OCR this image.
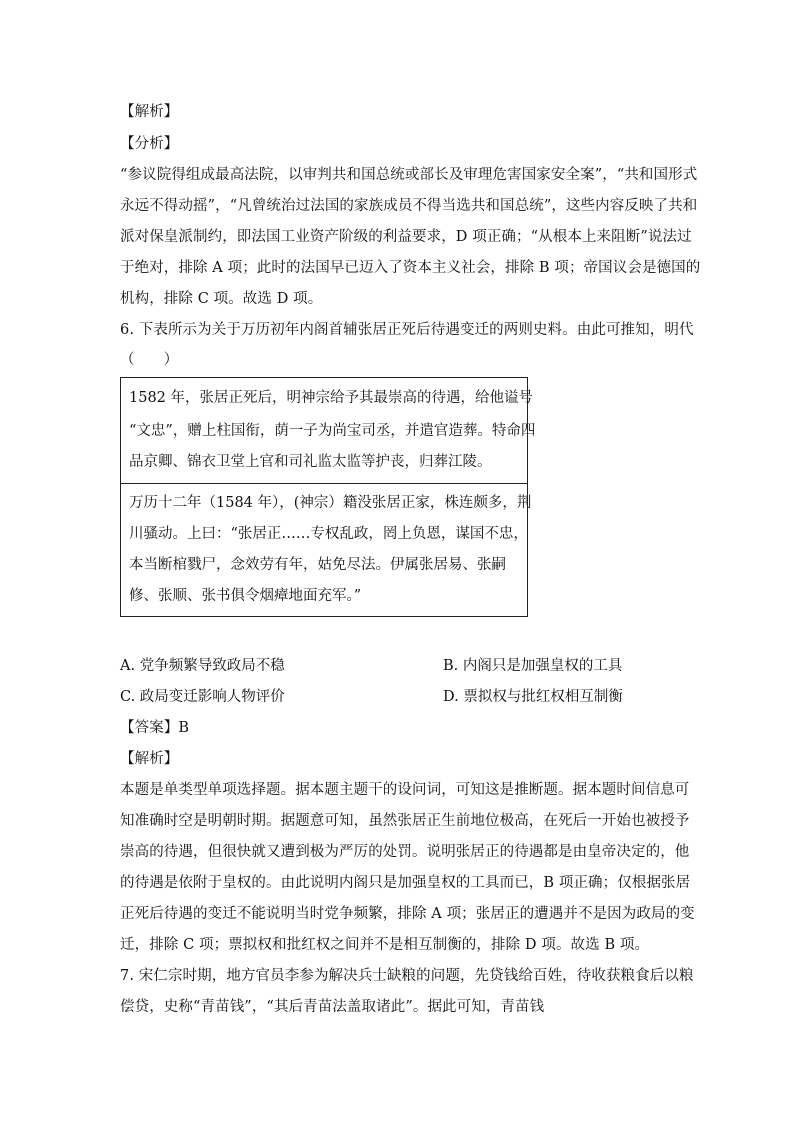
【解析】
【分析】
“参议院得组成最高法院，以审判共和国总统或部长及审理危害国家安全案”，“共和国形式
永远不得动摇”，“凡曾统治过法国的家族成员不得当选共和国总统”，这些内容反映了共和
派对保皇派制约，即法国工业资产阶级的利益要求，D 项正确；“从根本上来阻断”说法过
于绝对，排除 A 项；此时的法国早已迈入了资本主义社会，排除 B 项；帝国议会是德国的
机构，排除 C 项。故选 D 项。
6. 下表所示为关于万历初年内阁首辅张居正死后待遇变迁的两则史料。由此可推知，明代
（　　）
1582 年，张居正死后，明神宗给予其最崇高的待遇，给他谥号
“文忠”，赠上柱国衔，荫一子为尚宝司丞，并遣官造葬。特命四
品京卿、锦衣卫堂上官和司礼监太监等护丧，归葬江陵。
万历十二年（1584 年），(神宗）籍没张居正家，株连颇多，荆
川骚动。上曰：“张居正……专权乱政，罔上负恩，谋国不忠，
本当断棺戮尸，念效劳有年，姑免尽法。伊属张居易、张嗣
修、张顺、张书俱令烟瘴地面充军。”
A. 党争频繁导致政局不稳	B. 内阁只是加强皇权的工具
C. 政局变迁影响人物评价	D. 票拟权与批红权相互制衡
【答案】B
【解析】
本题是单类型单项选择题。据本题主题干的设问词，可知这是推断题。据本题时间信息可
知准确时空是明朝时期。据题意可知，虽然张居正生前地位极高，在死后一开始也被授予
崇高的待遇，但很快就又遭到极为严厉的处罚。说明张居正的待遇都是由皇帝决定的，他
的待遇是依附于皇权的。由此说明内阁只是加强皇权的工具而已，B 项正确；仅根据张居
正死后待遇的变迁不能说明当时党争频繁，排除 A 项；张居正的遭遇并不是因为政局的变
迁，排除 C 项；票拟权和批红权之间并不是相互制衡的，排除 D 项。故选 B 项。
7. 宋仁宗时期，地方官员李参为解决兵士缺粮的问题，先贷钱给百姓，待收获粮食后以粮
偿贷，史称“青苗钱”，“其后青苗法盖取诸此”。据此可知，青苗钱
